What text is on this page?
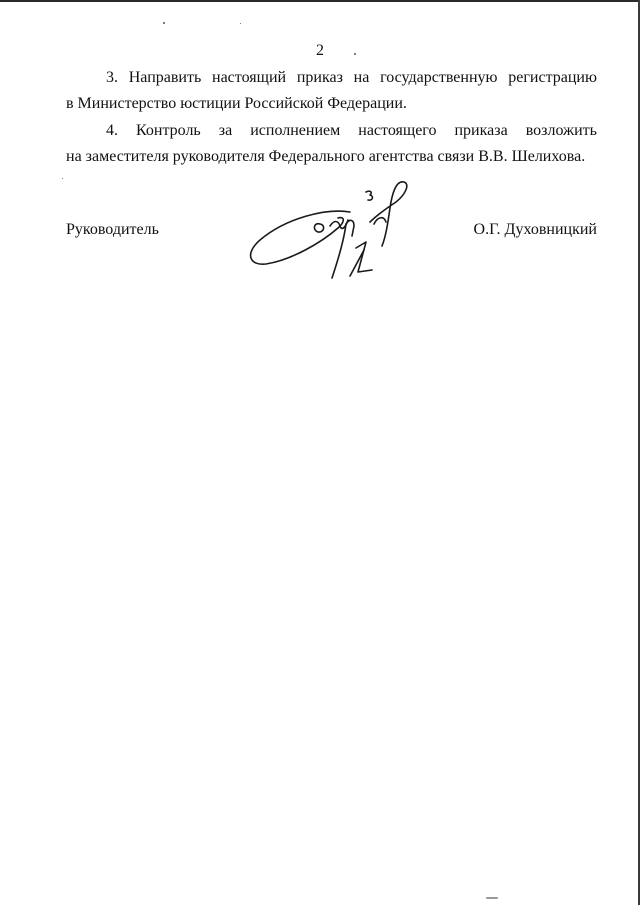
2
3. Направить настоящий приказ на государственную регистрацию
в Министерство юстиции Российской Федерации.
4. Контроль за исполнением настоящего приказа возложить
на заместителя руководителя Федерального агентства связи В.В. Шелихова.
Руководитель	О.Г. Духовницкий
